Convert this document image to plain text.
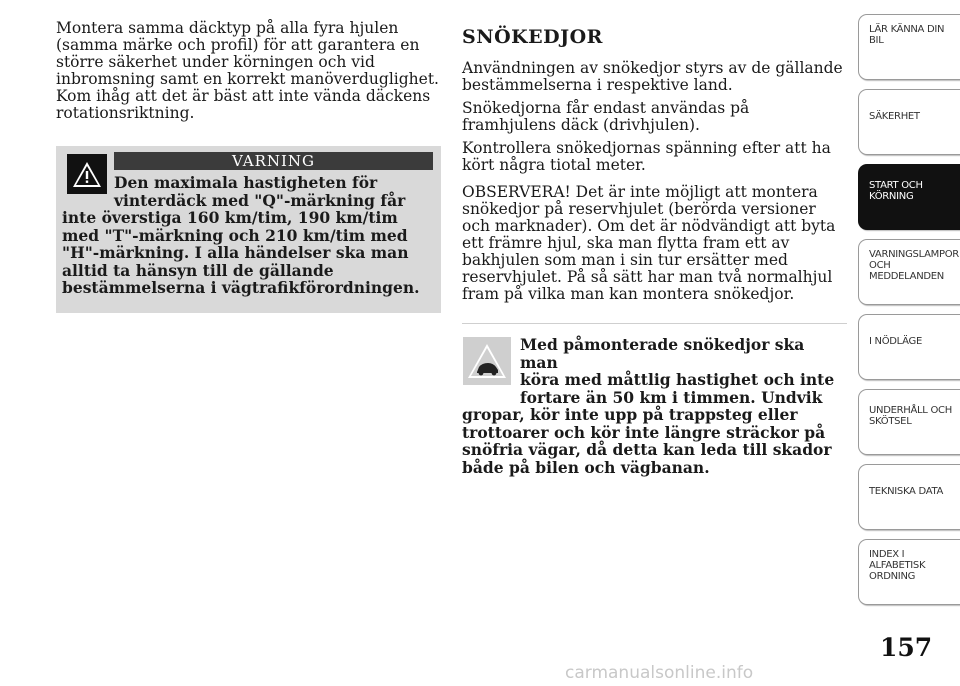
Montera samma däcktyp på alla fyra hjulen (samma märke och profil) för att garantera en större säkerhet under körningen och vid inbromsning samt en korrekt manöverduglighet. Kom ihåg att det är bäst att inte vända däckens rotationsriktning.

VARNING
Den maximala hastigheten för
vinterdäck med "Q"-märkning får
inte överstiga 160 km/tim, 190 km/tim med "T"-märkning och 210 km/tim med "H"-märkning. I alla händelser ska man alltid ta hänsyn till de gällande bestämmelserna i vägtrafikförordningen.
SNÖKEDJOR

Användningen av snökedjor styrs av de gällande bestämmelserna i respektive land.

Snökedjorna får endast användas på framhjulens däck (drivhjulen).

Kontrollera snökedjornas spänning efter att ha kört några tiotal meter.

OBSERVERA! Det är inte möjligt att montera snökedjor på reservhjulet (berörda versioner och marknader). Om det är nödvändigt att byta ett främre hjul, ska man flytta fram ett av bakhjulen som man i sin tur ersätter med reservhjulet. På så sätt har man två normalhjul fram på vilka man kan montera snökedjor.

Med påmonterade snökedjor ska man
köra med måttlig hastighet och inte
fortare än 50 km i timmen. Undvik
gropar, kör inte upp på trappsteg eller trottoarer och kör inte längre sträckor på snöfria vägar, då detta kan leda till skador både på bilen och vägbanan.
LÄR KÄNNA DIN
BIL
SÄKERHET
START OCH
KÖRNING
VARNINGSLAMPOR
OCH
MEDDELANDEN
I NÖDLÄGE
UNDERHÅLL OCH
SKÖTSEL
TEKNISKA DATA
INDEX I
ALFABETISK
ORDNING
157
carmanualsonline.info
